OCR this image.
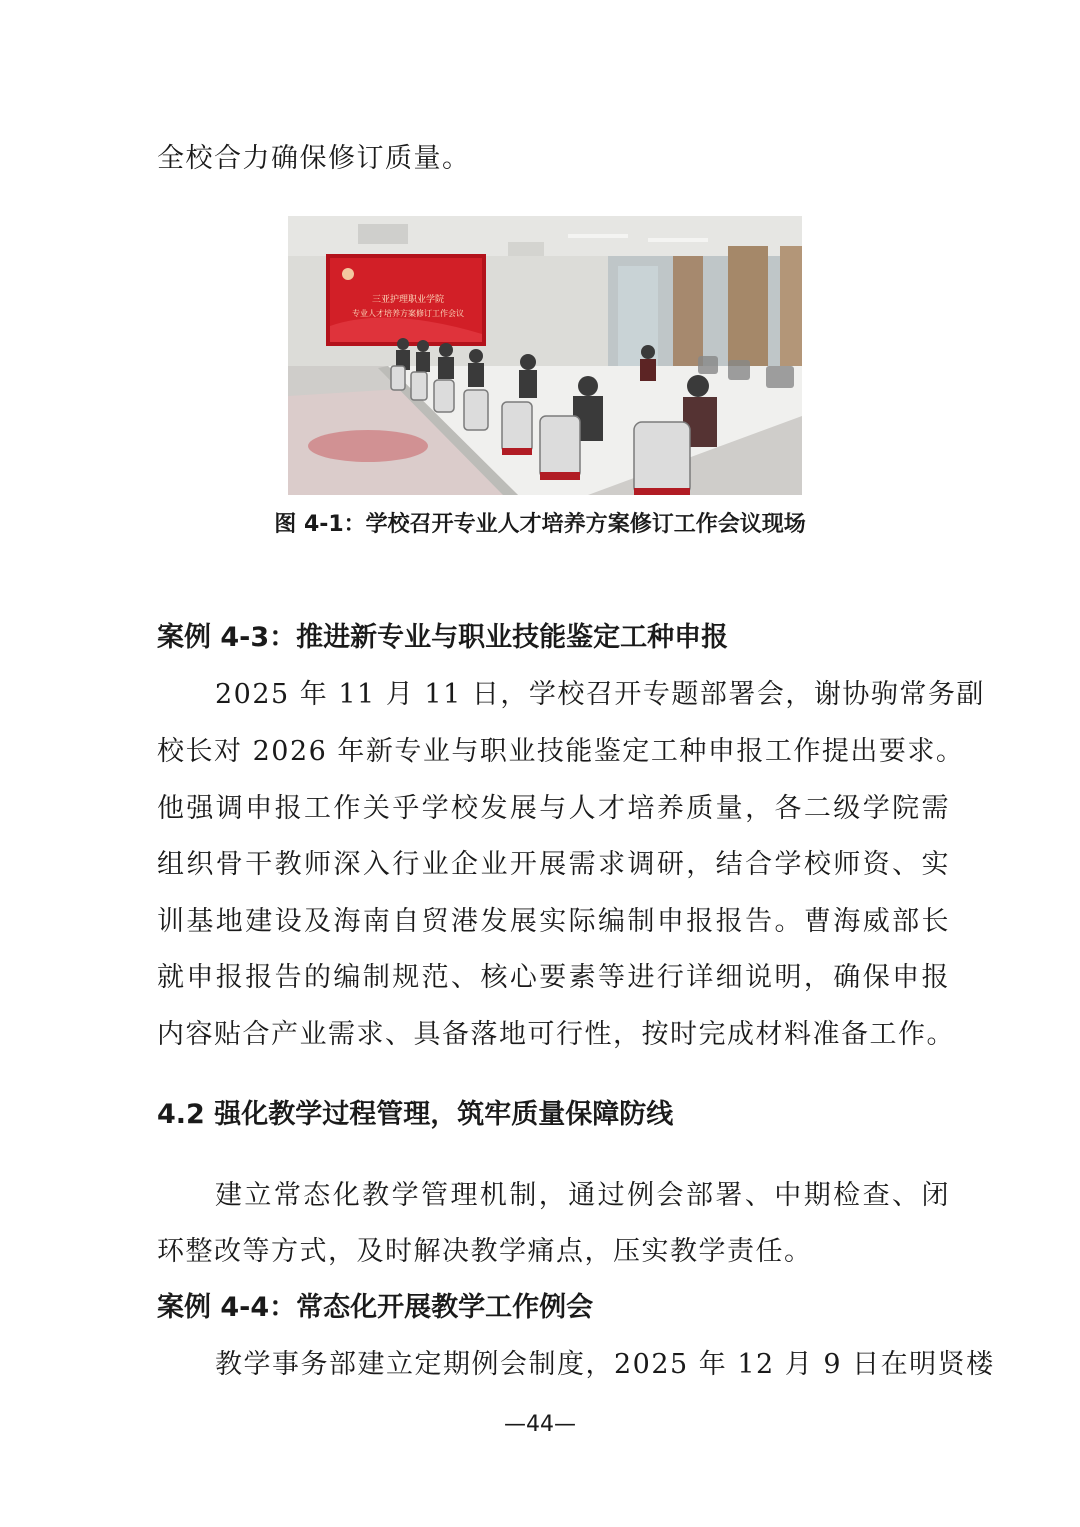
全校合力确保修订质量。
三亚护理职业学院
专业人才培养方案修订工作会议
图 4-1：学校召开专业人才培养方案修订工作会议现场
案例 4-3：推进新专业与职业技能鉴定工种申报
2025 年 11 月 11 日，学校召开专题部署会，谢协驹常务副
校长对 2026 年新专业与职业技能鉴定工种申报工作提出要求。
他强调申报工作关乎学校发展与人才培养质量，各二级学院需
组织骨干教师深入行业企业开展需求调研，结合学校师资、实
训基地建设及海南自贸港发展实际编制申报报告。曹海威部长
就申报报告的编制规范、核心要素等进行详细说明，确保申报
内容贴合产业需求、具备落地可行性，按时完成材料准备工作。
4.2 强化教学过程管理，筑牢质量保障防线
建立常态化教学管理机制，通过例会部署、中期检查、闭
环整改等方式，及时解决教学痛点，压实教学责任。
案例 4-4：常态化开展教学工作例会
教学事务部建立定期例会制度，2025 年 12 月 9 日在明贤楼
—44—
